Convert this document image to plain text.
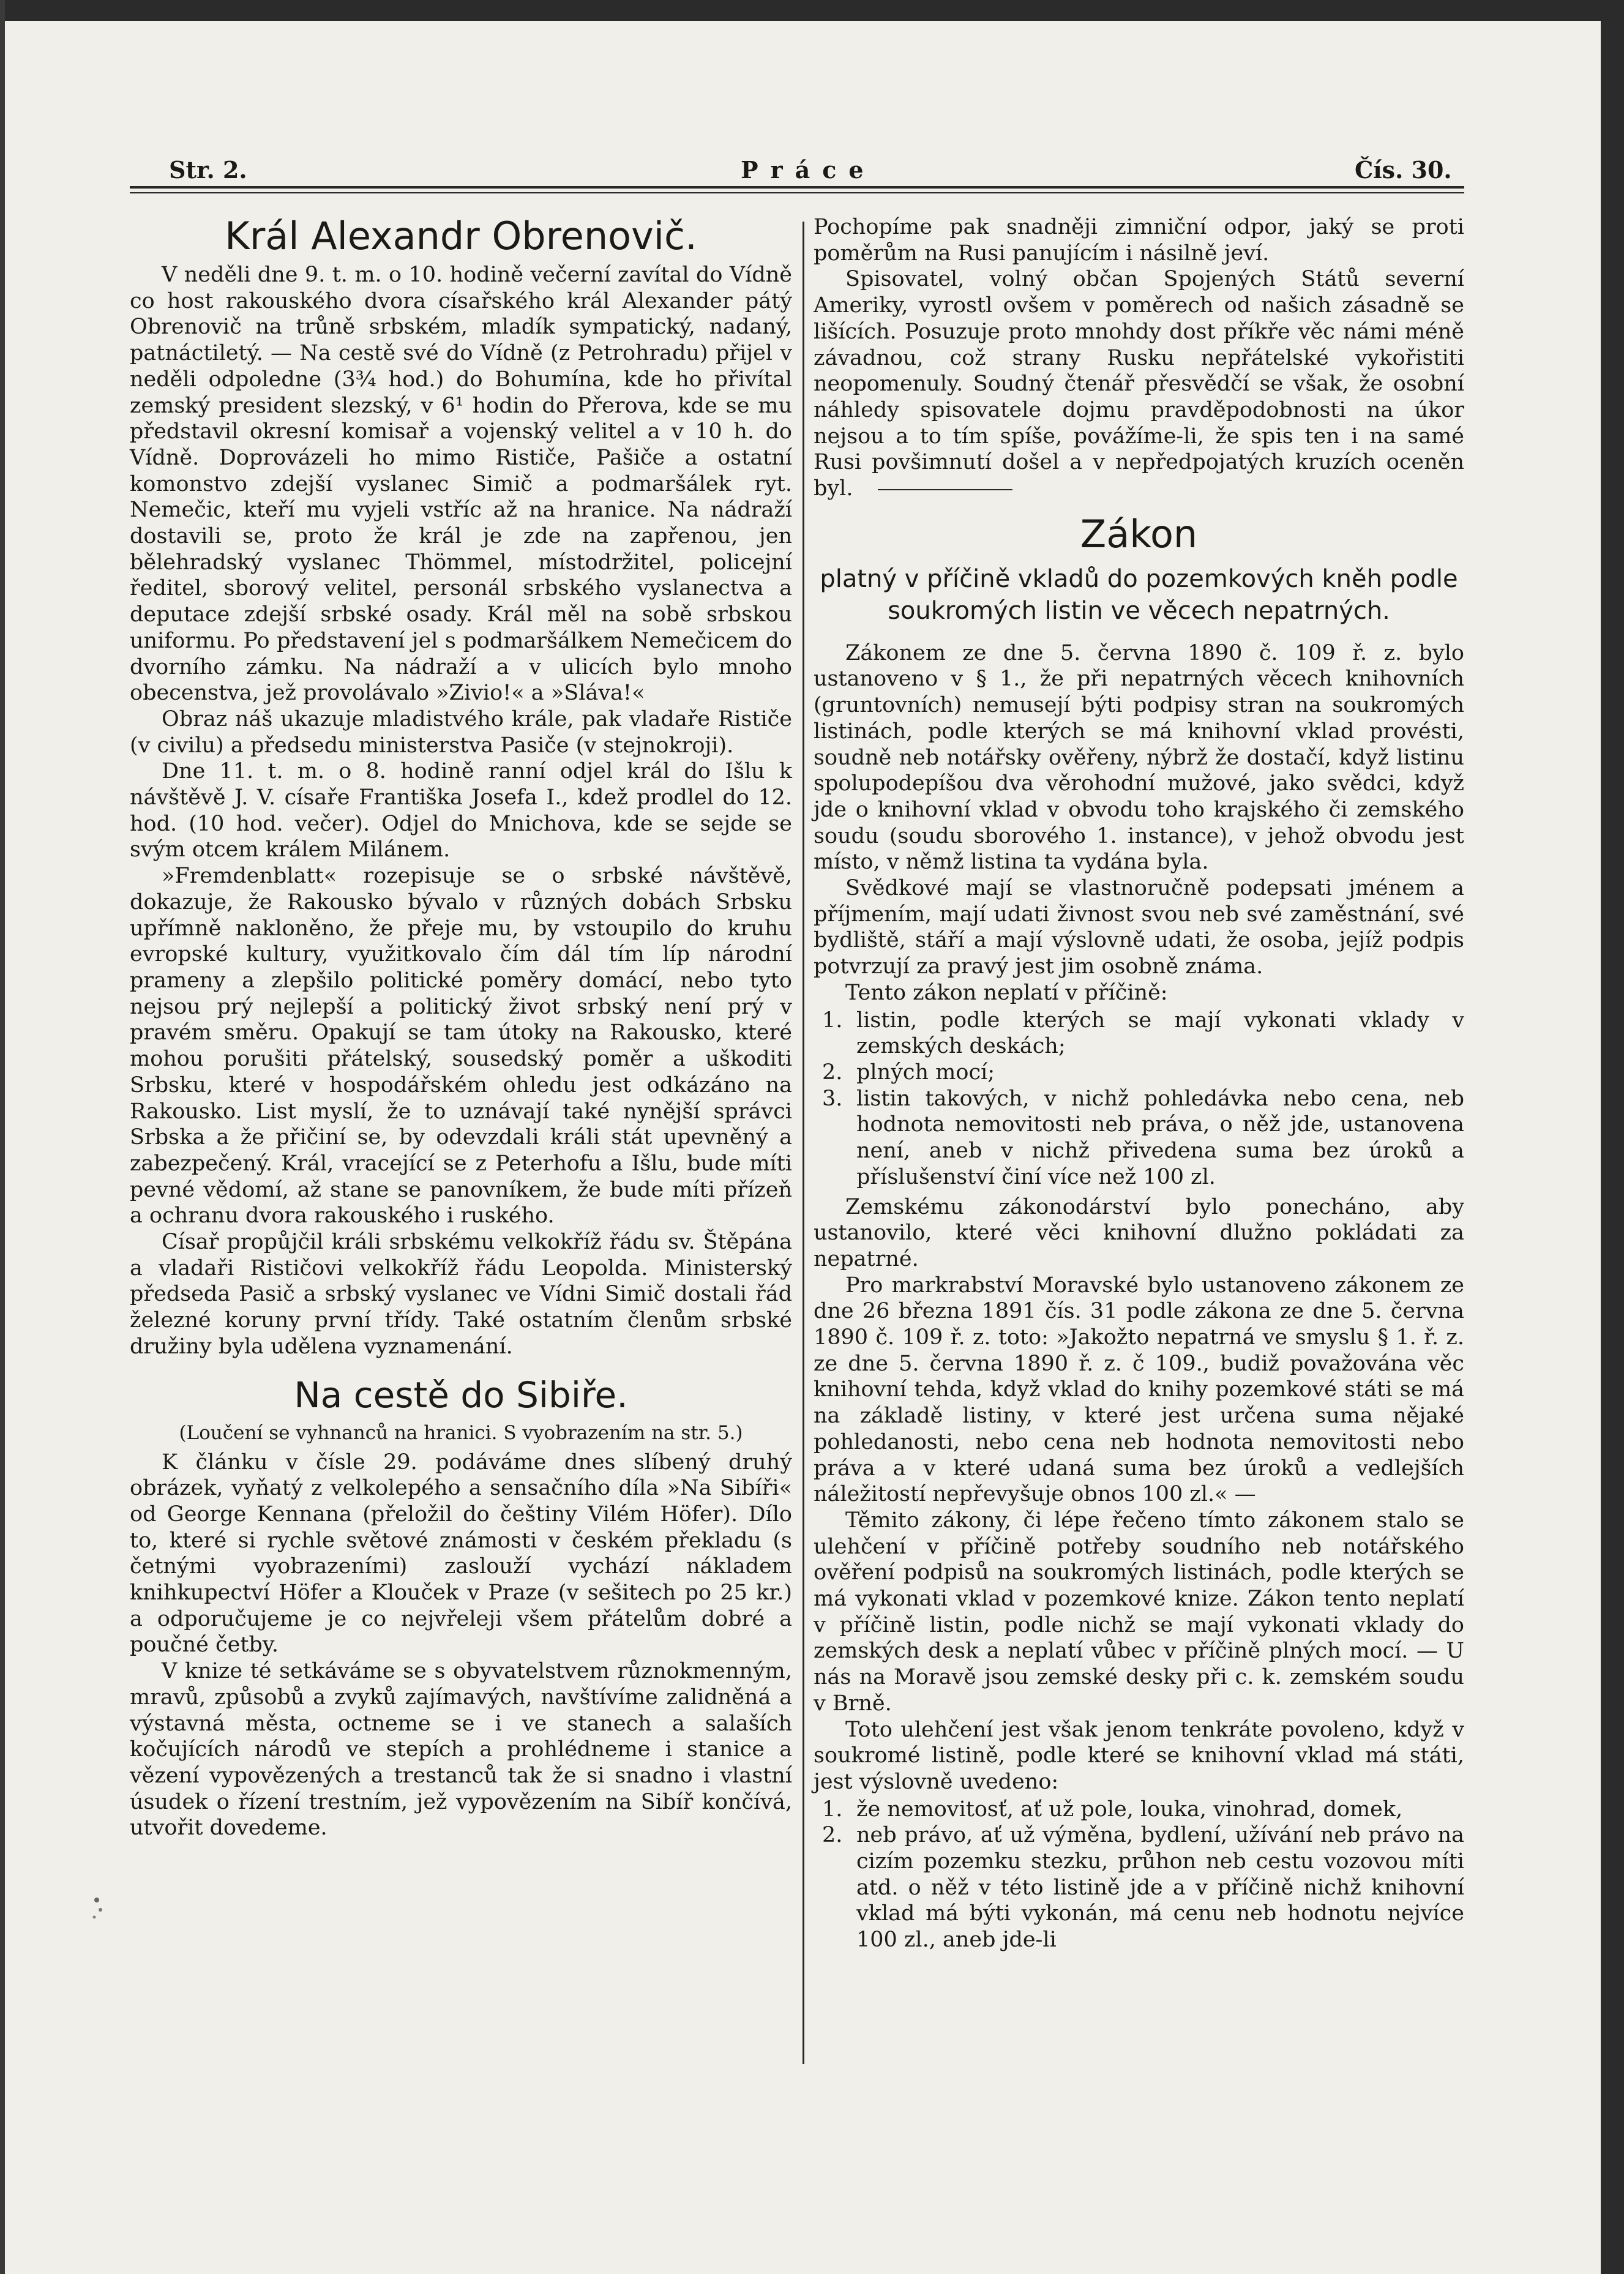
Str. 2.	Práce	Čís. 30.
Král Alexandr Obrenovič.

V neděli dne 9. t. m. o 10. hodině večerní zavítal do Vídně co host rakouského dvora císařského král Alexander pátý Obrenovič na trůně srbském, mladík sympatický, nadaný, patnáctiletý. — Na cestě své do Vídně (z Petrohradu) přijel v neděli odpoledne (3¾ hod.) do Bohumína, kde ho přivítal zemský president slezský, v 6¹ hodin do Přerova, kde se mu představil okresní komisař a vojenský velitel a v 10 h. do Vídně. Doprovázeli ho mimo Rističe, Pašiče a ostatní komonstvo zdejší vyslanec Simič a podmaršálek ryt. Nemečic, kteří mu vyjeli vstříc až na hranice. Na nádraží dostavili se, proto že král je zde na zapřenou, jen bělehradský vyslanec Thömmel, místodržitel, policejní ředitel, sborový velitel, personál srbského vyslanectva a deputace zdejší srbské osady. Král měl na sobě srbskou uniformu. Po představení jel s podmaršálkem Nemečicem do dvorního zámku. Na nádraží a v ulicích bylo mnoho obecenstva, jež provolávalo »Zivio!« a »Sláva!«

Obraz náš ukazuje mladistvého krále, pak vladaře Rističe (v civilu) a předsedu ministerstva Pasiče (v stejnokroji).

Dne 11. t. m. o 8. hodině ranní odjel král do Išlu k návštěvě J. V. císaře Františka Josefa I., kdež prodlel do 12. hod. (10 hod. večer). Odjel do Mnichova, kde se sejde se svým otcem králem Milánem.

»Fremdenblatt« rozepisuje se o srbské návštěvě, dokazuje, že Rakousko bývalo v různých dobách Srbsku upřímně nakloněno, že přeje mu, by vstoupilo do kruhu evropské kultury, využitkovalo čím dál tím líp národní prameny a zlepšilo politické poměry domácí, nebo tyto nejsou prý nejlepší a politický život srbský není prý v pravém směru. Opakují se tam útoky na Rakousko, které mohou porušiti přátelský, sousedský poměr a uškoditi Srbsku, které v hospodářském ohledu jest odkázáno na Rakousko. List myslí, že to uznávají také nynější správci Srbska a že přičiní se, by odevzdali králi stát upevněný a zabezpečený. Král, vracející se z Peterhofu a Išlu, bude míti pevné vědomí, až stane se panovníkem, že bude míti přízeň a ochranu dvora rakouského i ruského.

Císař propůjčil králi srbskému velkokříž řádu sv. Štěpána a vladaři Rističovi velkokříž řádu Leopolda. Ministerský předseda Pasič a srbský vyslanec ve Vídni Simič dostali řád železné koruny první třídy. Také ostatním členům srbské družiny byla udělena vyznamenání.

Na cestě do Sibiře.
(Loučení se vyhnanců na hranici. S vyobrazením na str. 5.)

K článku v čísle 29. podáváme dnes slíbený druhý obrázek, vyňatý z velkolepého a sensačního díla »Na Sibíři« od George Kennana (přeložil do češtiny Vilém Höfer). Dílo to, které si rychle světové známosti v českém překladu (s četnými vyobrazeními) zaslouží vychází nákladem knihkupectví Höfer a Klouček v Praze (v sešitech po 25 kr.) a odporučujeme je co nejvřeleji všem přátelům dobré a poučné četby.

V knize té setkáváme se s obyvatelstvem různokmenným, mravů, způsobů a zvyků zajímavých, navštívíme zalidněná a výstavná města, octneme se i ve stanech a salaších kočujících národů ve stepích a prohlédneme i stanice a vězení vypovězených a trestanců tak že si snadno i vlastní úsudek o řízení trestním, jež vypovězením na Sibíř končívá, utvořit dovedeme.

Pochopíme pak snadněji zimniční odpor, jaký se proti poměrům na Rusi panujícím i násilně jeví.

Spisovatel, volný občan Spojených Států severní Ameriky, vyrostl ovšem v poměrech od našich zásadně se lišících. Posuzuje proto mnohdy dost příkře věc námi méně závadnou, což strany Rusku nepřátelské vykořistiti neopomenuly. Soudný čtenář přesvědčí se však, že osobní náhledy spisovatele dojmu pravděpodobnosti na úkor nejsou a to tím spíše, povážíme-li, že spis ten i na samé Rusi povšimnutí došel a v nepředpojatých kruzích oceněn byl.

Zákon
platný v příčině vkladů do pozemkových kněh podle soukromých listin ve věcech nepatrných.

Zákonem ze dne 5. června 1890 č. 109 ř. z. bylo ustanoveno v § 1., že při nepatrných věcech knihovních (gruntovních) nemusejí býti podpisy stran na soukromých listinách, podle kterých se má knihovní vklad provésti, soudně neb notářsky ověřeny, nýbrž že dostačí, když listinu spolupodepíšou dva věrohodní mužové, jako svědci, když jde o knihovní vklad v obvodu toho krajského či zemského soudu (soudu sborového 1. instance), v jehož obvodu jest místo, v němž listina ta vydána byla.

Svědkové mají se vlastnoručně podepsati jménem a příjmením, mají udati živnost svou neb své zaměstnání, své bydliště, stáří a mají výslovně udati, že osoba, jejíž podpis potvrzují za pravý jest jim osobně známa.

Tento zákon neplatí v příčině:

1. listin, podle kterých se mají vykonati vklady v zemských deskách;
2. plných mocí;
3. listin takových, v nichž pohledávka nebo cena, neb hodnota nemovitosti neb práva, o něž jde, ustanovena není, aneb v nichž přivedena suma bez úroků a příslušenství činí více než 100 zl.

Zemskému zákonodárství bylo ponecháno, aby ustanovilo, které věci knihovní dlužno pokládati za nepatrné.

Pro markrabství Moravské bylo ustanoveno zákonem ze dne 26 března 1891 čís. 31 podle zákona ze dne 5. června 1890 č. 109 ř. z. toto: »Jakožto nepatrná ve smyslu § 1. ř. z. ze dne 5. června 1890 ř. z. č 109., budiž považována věc knihovní tehda, když vklad do knihy pozemkové státi se má na základě listiny, v které jest určena suma nějaké pohledanosti, nebo cena neb hodnota nemovitosti nebo práva a v které udaná suma bez úroků a vedlejších náležitostí nepřevyšuje obnos 100 zl.« —

Těmito zákony, či lépe řečeno tímto zákonem stalo se ulehčení v příčině potřeby soudního neb notářského ověření podpisů na soukromých listinách, podle kterých se má vykonati vklad v pozemkové knize. Zákon tento neplatí v příčině listin, podle nichž se mají vykonati vklady do zemských desk a neplatí vůbec v příčině plných mocí. — U nás na Moravě jsou zemské desky při c. k. zemském soudu v Brně.

Toto ulehčení jest však jenom tenkráte povoleno, když v soukromé listině, podle které se knihovní vklad má státi, jest výslovně uvedeno:

1. že nemovitosť, ať už pole, louka, vinohrad, domek,
2. neb právo, ať už výměna, bydlení, užívání neb právo na cizím pozemku stezku, průhon neb cestu vozovou míti atd. o něž v této listině jde a v příčině nichž knihovní vklad má býti vykonán, má cenu neb hodnotu nejvíce 100 zl., aneb jde-li
